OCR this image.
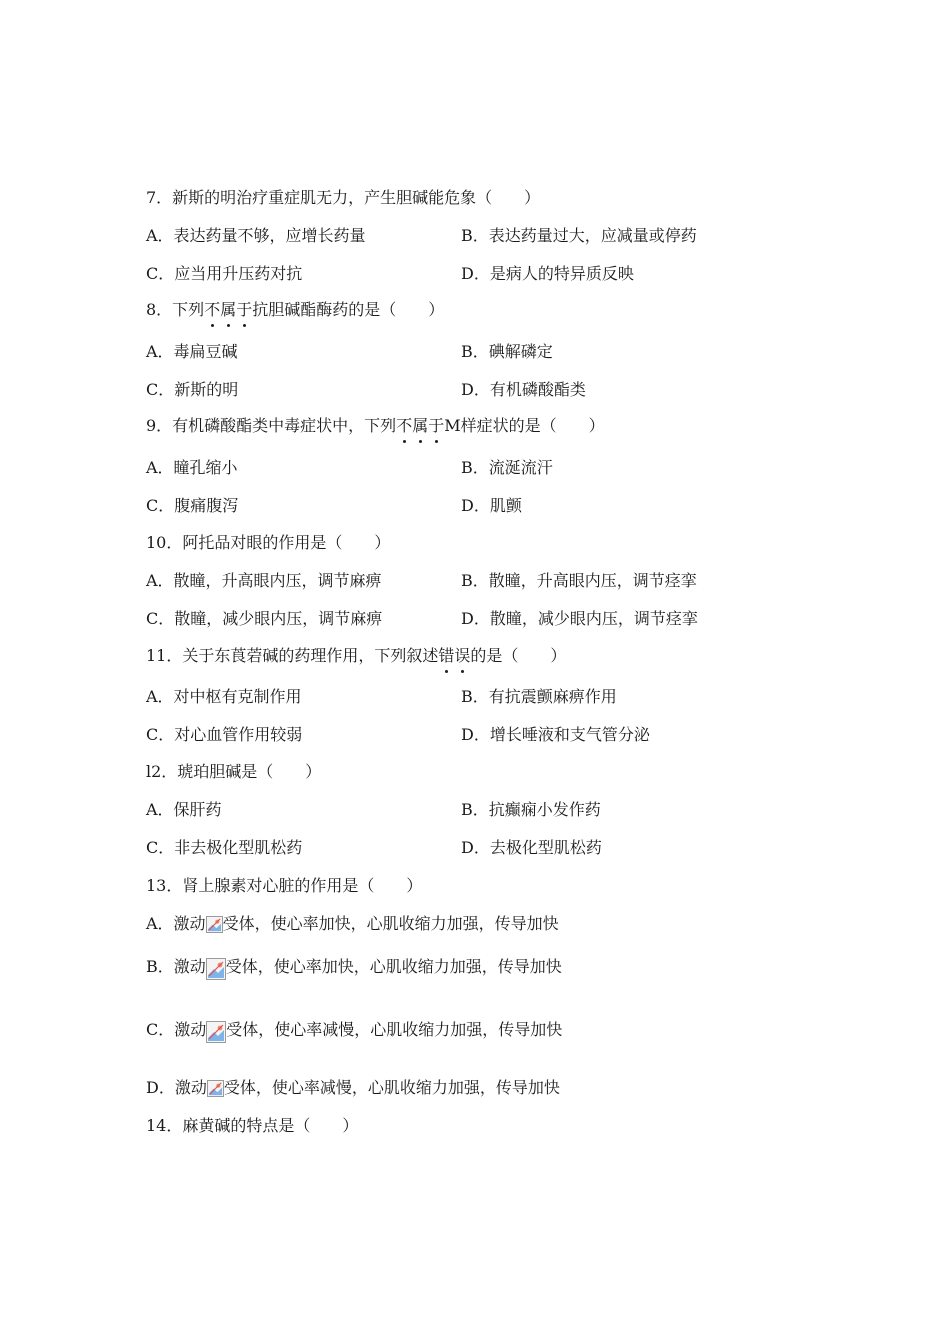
7．新斯的明治疗重症肌无力，产生胆碱能危象（　　）
A．表达药量不够，应增长药量	B．表达药量过大，应减量或停药
C．应当用升压药对抗	D．是病人的特异质反映
8．下列不属于抗胆碱酯酶药的是（　　）
A．毒扁豆碱	B．碘解磷定
C．新斯的明	D．有机磷酸酯类
9．有机磷酸酯类中毒症状中，下列不属于M样症状的是（　　）
A．瞳孔缩小	B．流涎流汗
C．腹痛腹泻	D．肌颤
10．阿托品对眼的作用是（　　）
A．散瞳，升高眼内压，调节麻痹	B．散瞳，升高眼内压，调节痉挛
C．散瞳，减少眼内压，调节麻痹	D．散瞳，减少眼内压，调节痉挛
11．关于东莨菪碱的药理作用，下列叙述错误的是（　　）
A．对中枢有克制作用	B．有抗震颤麻痹作用
C．对心血管作用较弱	D．增长唾液和支气管分泌
l2．琥珀胆碱是（　　）
A．保肝药	B．抗癫痫小发作药
C．非去极化型肌松药	D．去极化型肌松药
13．肾上腺素对心脏的作用是（　　）
A．激动 受体，使心率加快，心肌收缩力加强，传导加快
B．激动 受体，使心率加快，心肌收缩力加强，传导加快
C．激动 受体，使心率减慢，心肌收缩力加强，传导加快
D．激动 受体，使心率减慢，心肌收缩力加强，传导加快
14．麻黄碱的特点是（　　）
